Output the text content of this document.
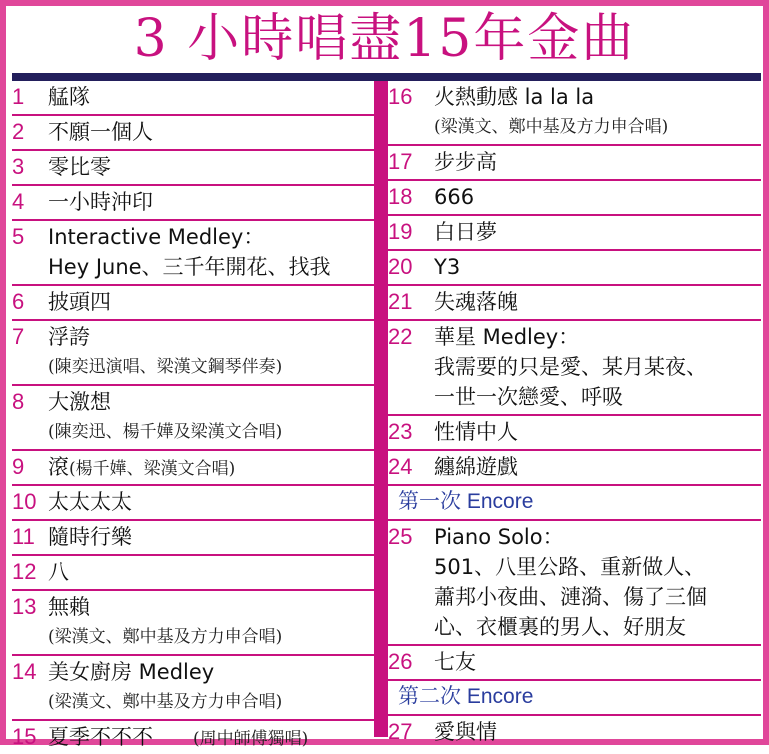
3 小時唱盡15年金曲
1 艋隊
2 不願一個人
3 零比零
4 一小時沖印
5 Interactive Medley：
Hey June、三千年開花、找我
6 披頭四
7 浮誇
(陳奕迅演唱、梁漢文鋼琴伴奏)
8 大激想
(陳奕迅、楊千嬅及梁漢文合唱)
9 滾(楊千嬅、梁漢文合唱)
10 太太太太
11 隨時行樂
12 八
13 無賴
(梁漢文、鄭中基及方力申合唱)
14 美女廚房 Medley
(梁漢文、鄭中基及方力申合唱)
15 夏季不不不 (周中師傅獨唱)
16 火熱動感 la la la
(梁漢文、鄭中基及方力申合唱)
17 步步高
18 666
19 白日夢
20 Y3
21 失魂落魄
22 華星 Medley：
我需要的只是愛、某月某夜、
一世一次戀愛、呼吸
23 性情中人
24 纏綿遊戲
第一次 Encore
25 Piano Solo：
501、八里公路、重新做人、
蕭邦小夜曲、漣漪、傷了三個
心、衣櫃裏的男人、好朋友
26 七友
第二次 Encore
27 愛與情
